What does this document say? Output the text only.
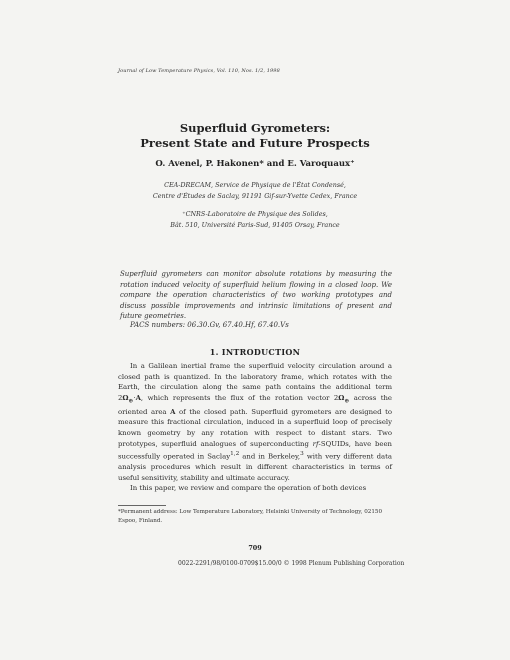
Journal of Low Temperature Physics, Vol. 110, Nos. 1/2, 1998
Superfluid Gyrometers:
Present State and Future Prospects
O. Avenel, P. Hakonen* and E. Varoquaux⁺
CEA-DRECAM, Service de Physique de l'État Condensé,
Centre d'Études de Saclay, 91191 Gif-sur-Yvette Cedex, France
⁺CNRS-Laboratoire de Physique des Solides,
Bât. 510, Université Paris-Sud, 91405 Orsay, France
Superfluid gyrometers can monitor absolute rotations by measuring the rotation induced velocity of superfluid helium flowing in a closed loop. We compare the operation characteristics of two working prototypes and discuss possible improvements and intrinsic limitations of present and future geometries.
PACS numbers: 06.30.Gv, 67.40.Hf, 67.40.Vs
1. INTRODUCTION

In a Galilean inertial frame the superfluid velocity circulation around a closed path is quantized. In the laboratory frame, which rotates with the Earth, the circulation along the same path contains the additional term $2\Omega_\oplus\cdot A$, which represents the flux of the rotation vector $2\Omega_\oplus$ across the oriented area A of the closed path. Superfluid gyrometers are designed to measure this fractional circulation, induced in a superfluid loop of precisely known geometry by any rotation with respect to distant stars. Two prototypes, superfluid analogues of superconducting rf-SQUIDs, have been successfully operated in Saclay$^{1,2}$ and in Berkeley,$^3$ with very different data analysis procedures which result in different characteristics in terms of useful sensitivity, stability and ultimate accuracy.

In this paper, we review and compare the operation of both devices

*Permanent address: Low Temperature Laboratory, Helsinki University of Technology, 02150 Espoo, Finland.
709
0022-2291/98/0100-0709$15.00/0 © 1998 Plenum Publishing Corporation
